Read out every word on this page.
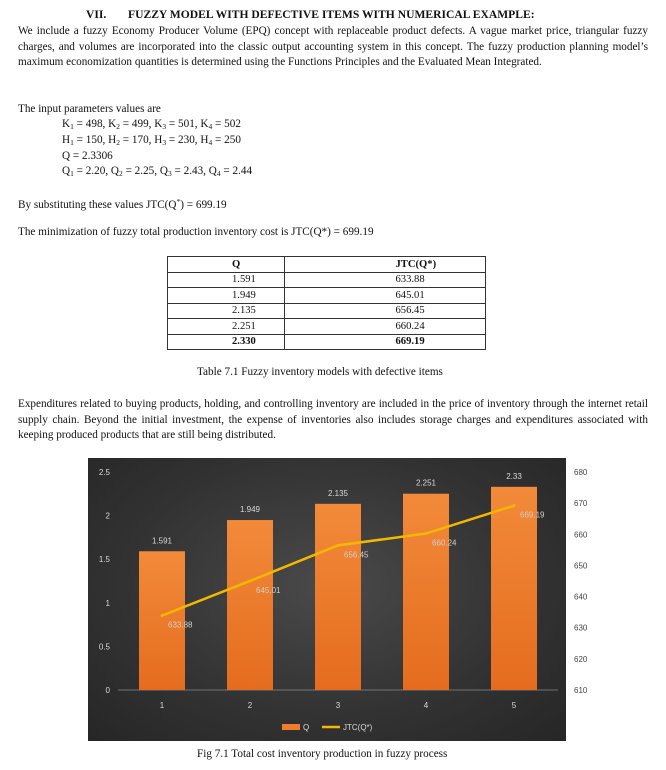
VII. FUZZY MODEL WITH DEFECTIVE ITEMS WITH NUMERICAL EXAMPLE:
We include a fuzzy Economy Producer Volume (EPQ) concept with replaceable product defects. A vague market price, triangular fuzzy charges, and volumes are incorporated into the classic output accounting system in this concept. The fuzzy production planning model’s maximum economization quantities is determined using the Functions Principles and the Evaluated Mean Integrated.
The input parameters values are
$K_1 = 498$, $K_2 = 499$, $K_3 = 501$, $K_4 = 502$
$H_1 = 150$, $H_2 = 170$, $H_3 = 230$, $H_4 = 250$
Q = 2.3306
$Q_1 = 2.20$, $Q_2 = 2.25$, $Q_3 = 2.43$, $Q_4 = 2.44$
By substituting these values JTC(Q*) = 699.19
The minimization of fuzzy total production inventory cost is JTC(Q*) = 699.19
Q	JTC(Q*)
1.591	633.88
1.949	645.01
2.135	656.45
2.251	660.24
2.330	669.19
Table 7.1 Fuzzy inventory models with defective items
Expenditures related to buying products, holding, and controlling inventory are included in the price of inventory through the internet retail supply chain. Beyond the initial investment, the expense of inventories also includes storage charges and expenditures associated with keeping produced products that are still being distributed.
0
0.5
1
1.5
2
2.5
1.591
1.949
2.135
2.251
2.33
1	2	3	4	5
633.88
645.01
656.45
660.24
669.19
Q	JTC(Q*)
610
620
630
640
650
660
670
680
Fig 7.1 Total cost inventory production in fuzzy process
